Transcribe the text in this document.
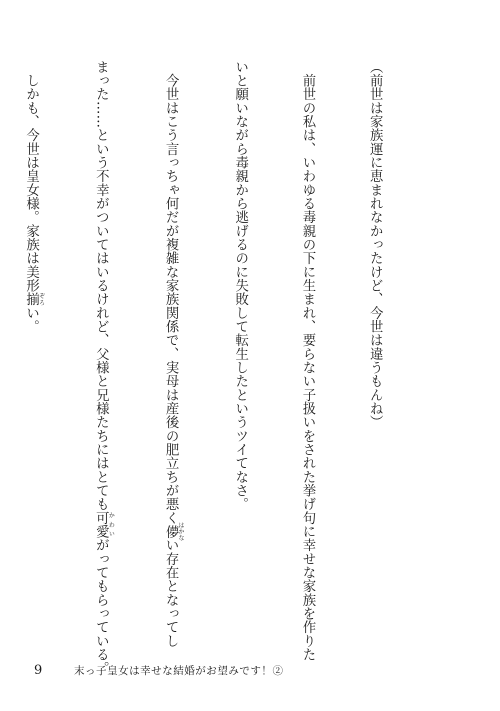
（前世は家族運に恵まれなかったけど、今世は違うもんね）

　前世の私は、いわゆる毒親の下に生まれ、要らない子扱いをされた挙げ句に幸せな家族を作りた

いと願いながら毒親から逃げるのに失敗して転生したというツイてなさ。

　今世はこう言っちゃ何だが複雑な家族関係で、実母は産後の肥立ちが悪く儚 はかない存在となってし

まった……という不幸がついてはいるけれど、父様と兄様たちにはとても可愛 かわいがってもらっている。

　しかも、今世は皇女様。家族は美形揃 ぞろい。

9	末っ子皇女は幸せな結婚がお望みです！②
